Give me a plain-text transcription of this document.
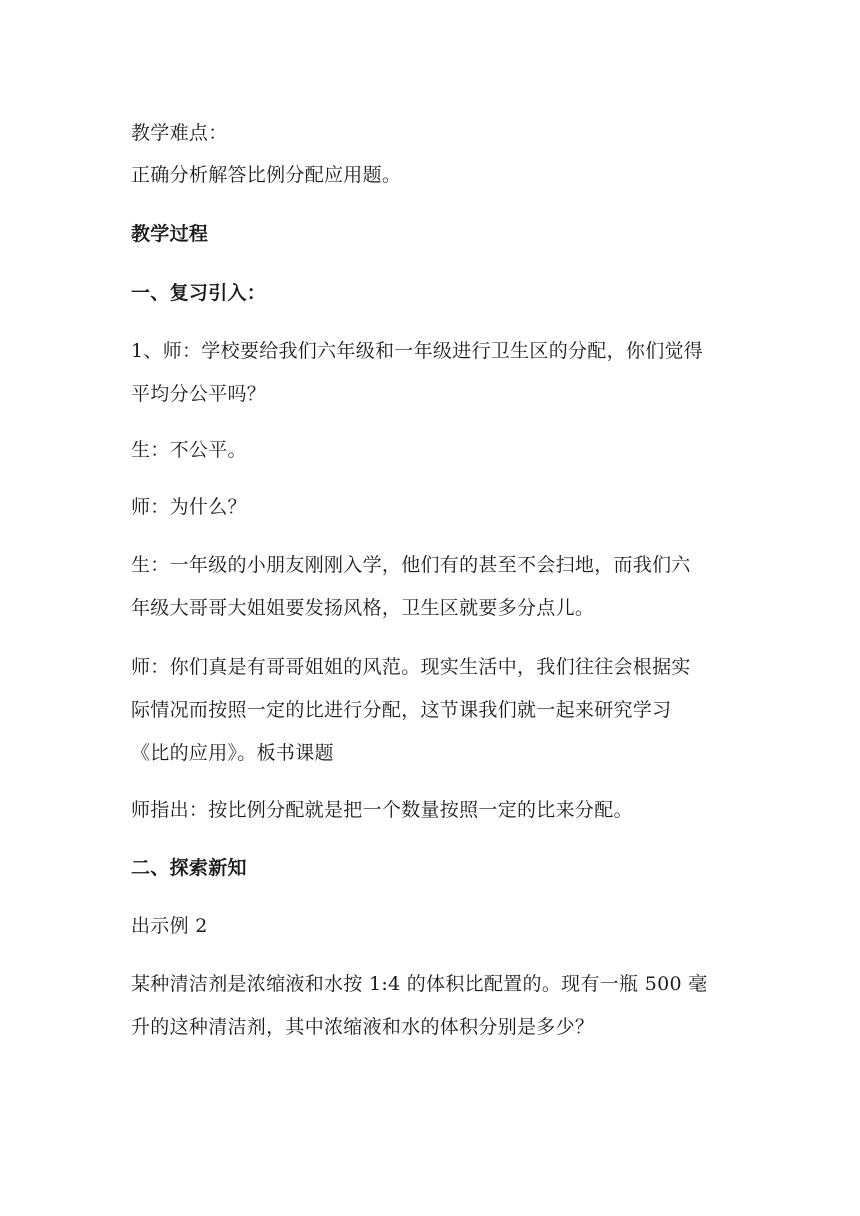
教学难点：
正确分析解答比例分配应用题。
教学过程
一、复习引入：
1、师：学校要给我们六年级和一年级进行卫生区的分配，你们觉得
平均分公平吗？
生：不公平。
师：为什么？
生：一年级的小朋友刚刚入学，他们有的甚至不会扫地，而我们六
年级大哥哥大姐姐要发扬风格，卫生区就要多分点儿。
师：你们真是有哥哥姐姐的风范。现实生活中，我们往往会根据实
际情况而按照一定的比进行分配，这节课我们就一起来研究学习
《比的应用》。板书课题
师指出：按比例分配就是把一个数量按照一定的比来分配。
二、探索新知
出示例 2
某种清洁剂是浓缩液和水按 1:4 的体积比配置的。现有一瓶 500 毫
升的这种清洁剂，其中浓缩液和水的体积分别是多少？
